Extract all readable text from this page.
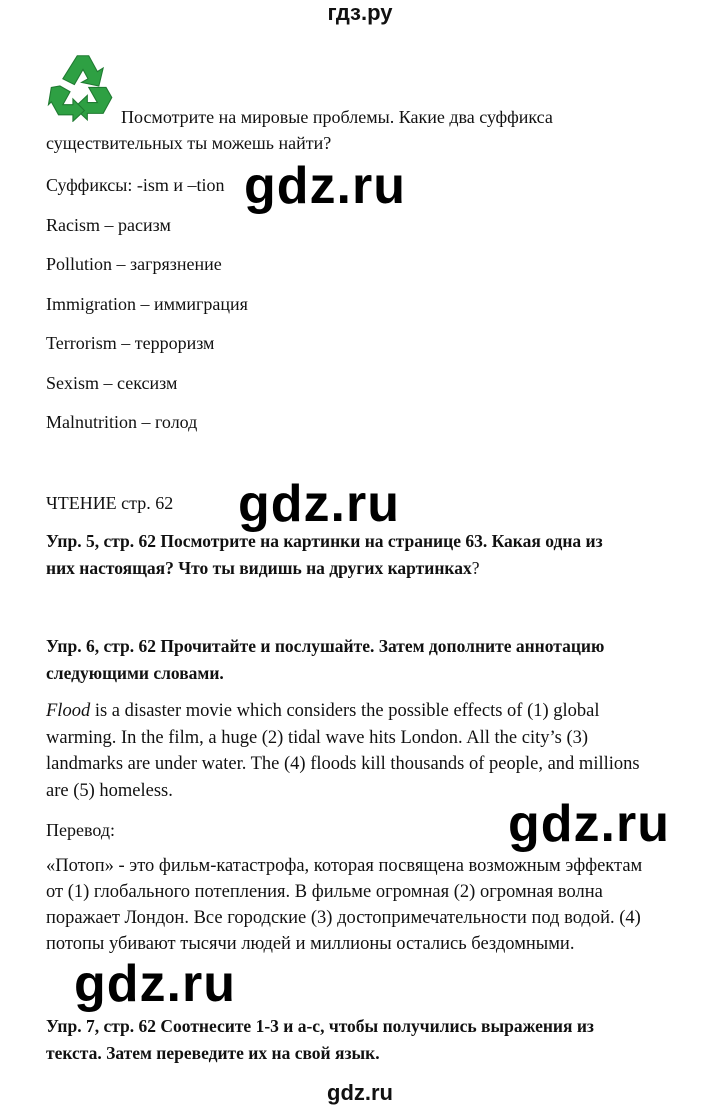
гдз.ру
Посмотрите на мировые проблемы. Какие два суффикса
существительных ты можешь найти?
Суффиксы: -ism и –tion gdz.ru
Racism – расизм
Pollution – загрязнение
Immigration – иммиграция
Terrorism – терроризм
Sexism – сексизм
Malnutrition – голод
ЧТЕНИЕ стр. 62 gdz.ru
Упр. 5, стр. 62 Посмотрите на картинки на странице 63. Какая одна из
них настоящая? Что ты видишь на других картинках?
Упр. 6, стр. 62 Прочитайте и послушайте. Затем дополните аннотацию
следующими словами.
Flood is a disaster movie which considers the possible effects of (1) global
warming. In the film, a huge (2) tidal wave hits London. All the city’s (3)
landmarks are under water. The (4) floods kill thousands of people, and millions
are (5) homeless.
Перевод:	gdz.ru
«Потоп» - это фильм-катастрофа, которая посвящена возможным эффектам
от (1) глобального потепления. В фильме огромная (2) огромная волна
поражает Лондон. Все городские (3) достопримечательности под водой. (4)
потопы убивают тысячи людей и миллионы остались бездомными.
gdz.ru
Упр. 7, стр. 62 Соотнесите 1-3 и a-c, чтобы получились выражения из
текста. Затем переведите их на свой язык.
gdz.ru
